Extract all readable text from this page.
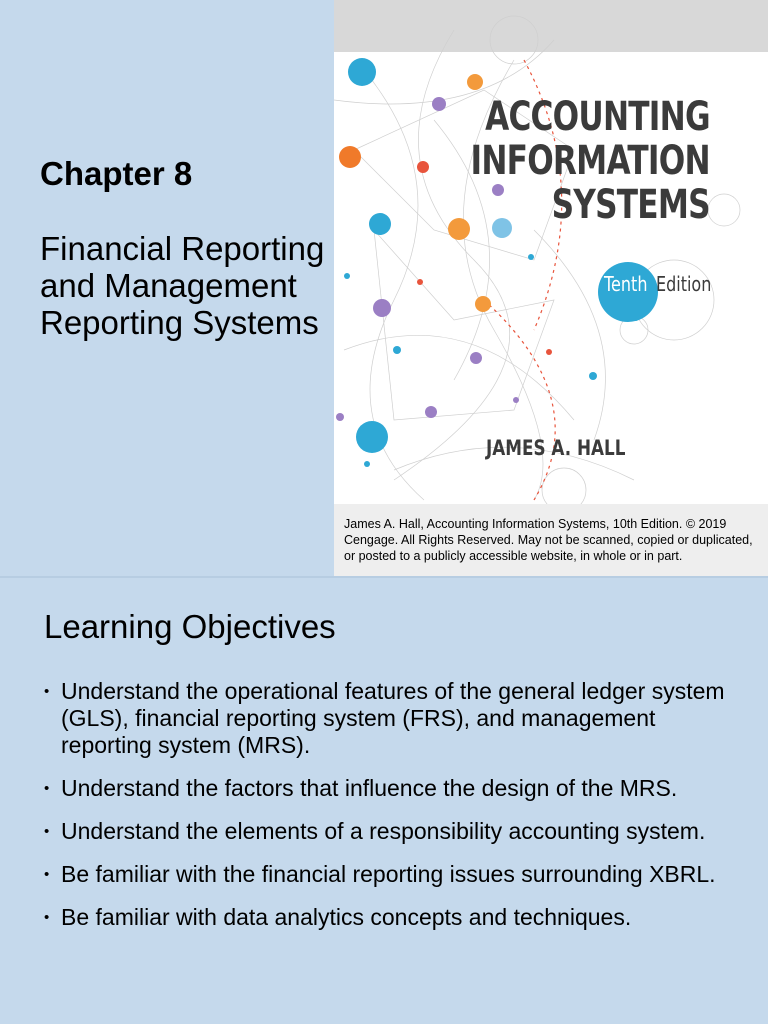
Chapter 8
Financial Reporting and Management Reporting Systems
ACCOUNTING
INFORMATION
SYSTEMS
Tenth Edition
JAMES A. HALL
James A. Hall, Accounting Information Systems, 10th Edition. © 2019 Cengage. All Rights Reserved. May not be scanned, copied or duplicated, or posted to a publicly accessible website, in whole or in part.
Learning Objectives
• Understand the operational features of the general ledger system (GLS), financial reporting system (FRS), and management reporting system (MRS).
• Understand the factors that influence the design of the MRS.
• Understand the elements of a responsibility accounting system.
• Be familiar with the financial reporting issues surrounding XBRL.
• Be familiar with data analytics concepts and techniques.
